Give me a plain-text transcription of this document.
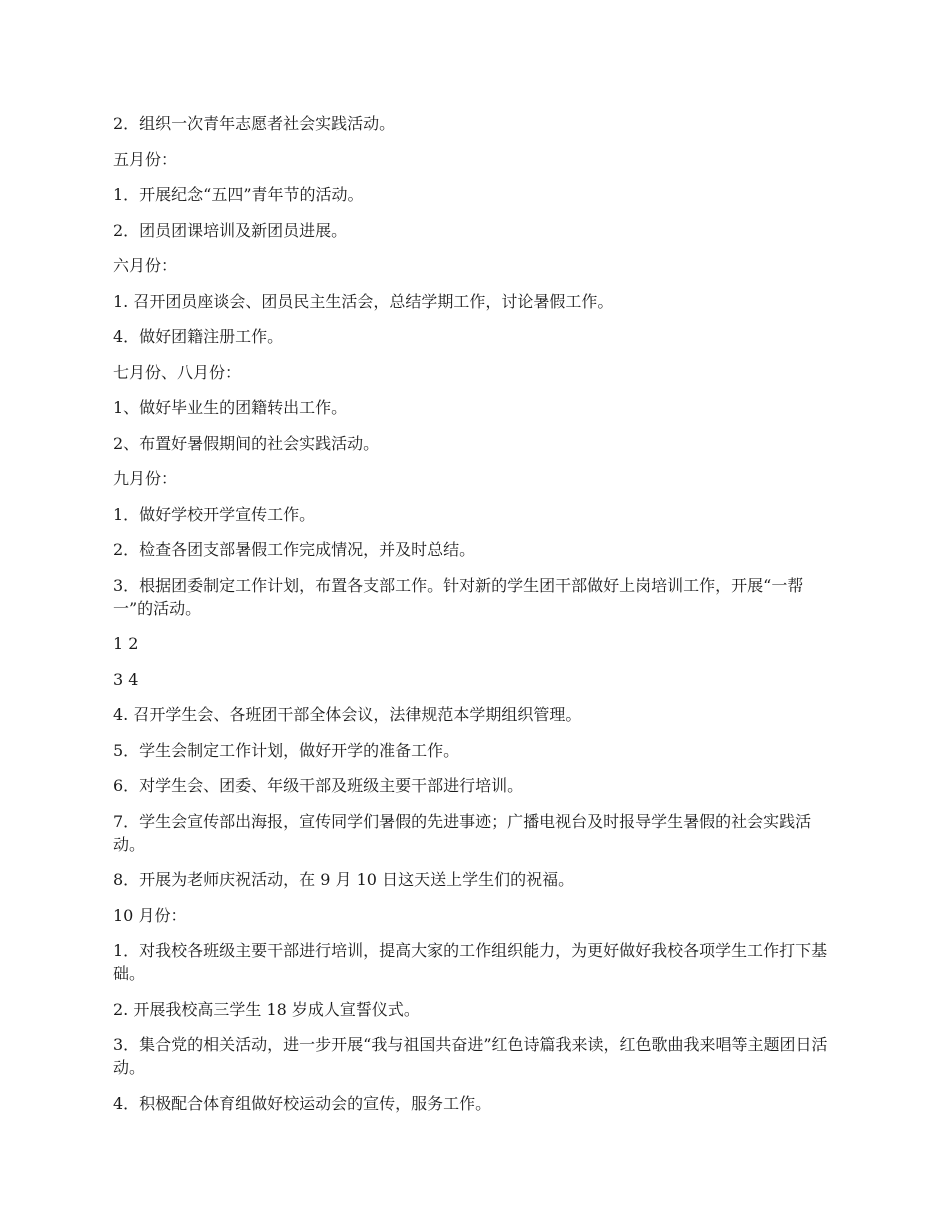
2．组织一次青年志愿者社会实践活动。

五月份：

1．开展纪念“五四”青年节的活动。

2．团员团课培训及新团员进展。

六月份：

1. 召开团员座谈会、团员民主生活会，总结学期工作，讨论暑假工作。

4．做好团籍注册工作。

七月份、八月份：

1、做好毕业生的团籍转出工作。

2、布置好暑假期间的社会实践活动。

九月份：

1．做好学校开学宣传工作。

2．检查各团支部暑假工作完成情况，并及时总结。

3．根据团委制定工作计划，布置各支部工作。针对新的学生团干部做好上岗培训工作，开展“一帮一”的活动。

1 2

3 4

4. 召开学生会、各班团干部全体会议，法律规范本学期组织管理。

5．学生会制定工作计划，做好开学的准备工作。

6．对学生会、团委、年级干部及班级主要干部进行培训。

7．学生会宣传部出海报，宣传同学们暑假的先进事迹；广播电视台及时报导学生暑假的社会实践活动。

8．开展为老师庆祝活动，在 9 月 10 日这天送上学生们的祝福。

10 月份：

1．对我校各班级主要干部进行培训，提高大家的工作组织能力，为更好做好我校各项学生工作打下基础。

2. 开展我校高三学生 18 岁成人宣誓仪式。

3．集合党的相关活动，进一步开展“我与祖国共奋进”红色诗篇我来读，红色歌曲我来唱等主题团日活动。

4．积极配合体育组做好校运动会的宣传，服务工作。
